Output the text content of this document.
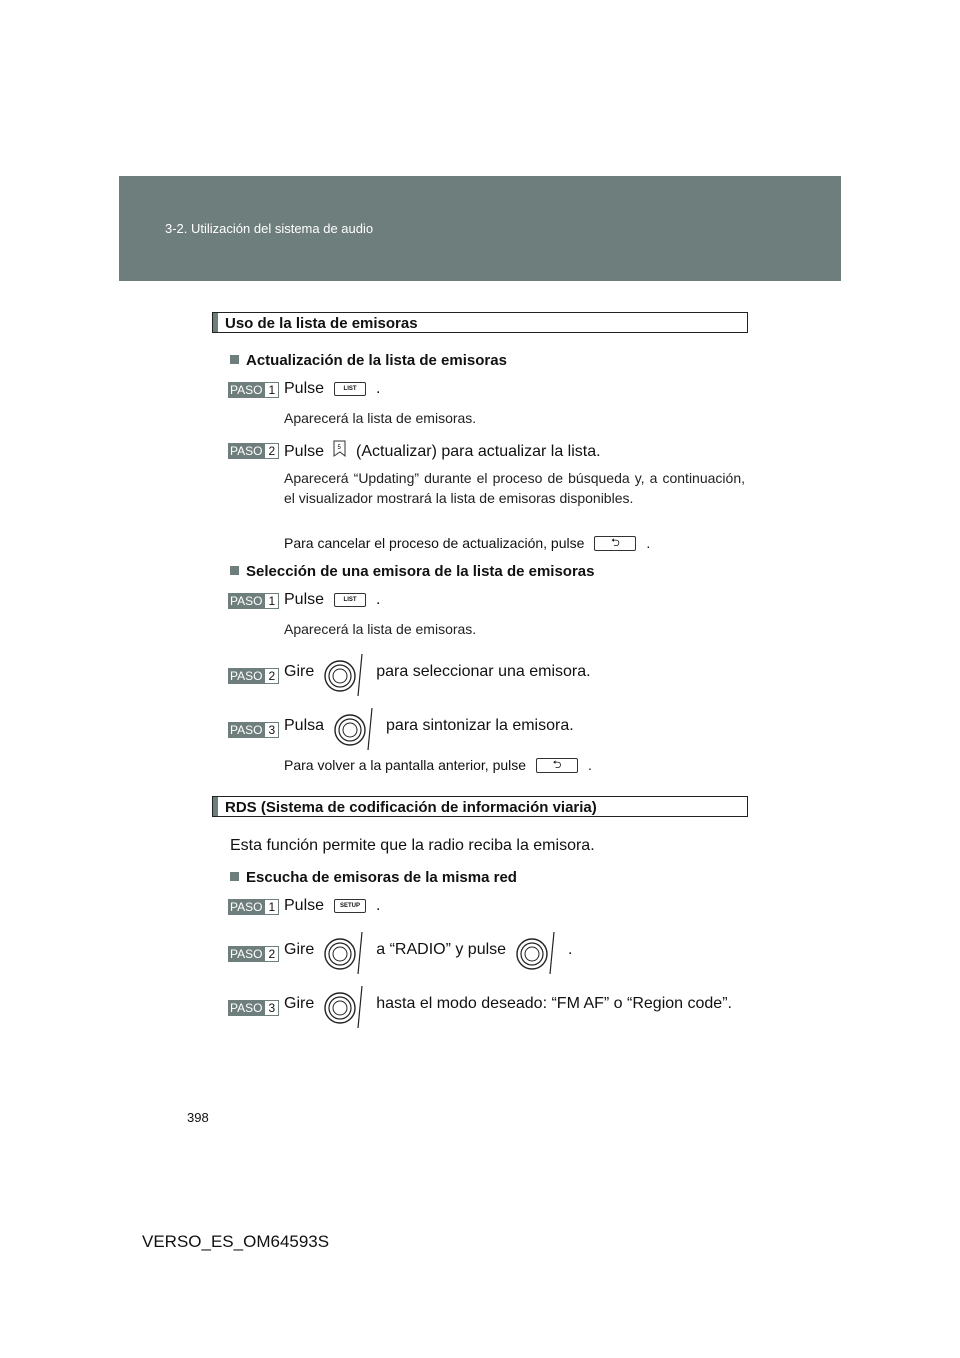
3-2. Utilización del sistema de audio
Uso de la lista de emisoras
Actualización de la lista de emisoras
PASO 1 Pulse	LIST	.
Aparecerá la lista de emisoras.
PASO 2 Pulse 5 (Actualizar) para actualizar la lista.
Aparecerá “Updating” durante el proceso de búsqueda y, a continuación, el visualizador mostrará la lista de emisoras disponibles.
Para cancelar el proceso de actualización, pulse	⮌	.
Selección de una emisora de la lista de emisoras
PASO 1 Pulse	LIST	.
Aparecerá la lista de emisoras.
PASO 2 Gire	para seleccionar una emisora.
PASO 3 Pulsa	para sintonizar la emisora.
Para volver a la pantalla anterior, pulse	⮌	.
RDS (Sistema de codificación de información viaria)
Esta función permite que la radio reciba la emisora.
Escucha de emisoras de la misma red
PASO 1 Pulse	SETUP	.
PASO 2 Gire	a “RADIO” y pulse	.
PASO 3 Gire	hasta el modo deseado: “FM AF” o “Region code”.
398
VERSO_ES_OM64593S
